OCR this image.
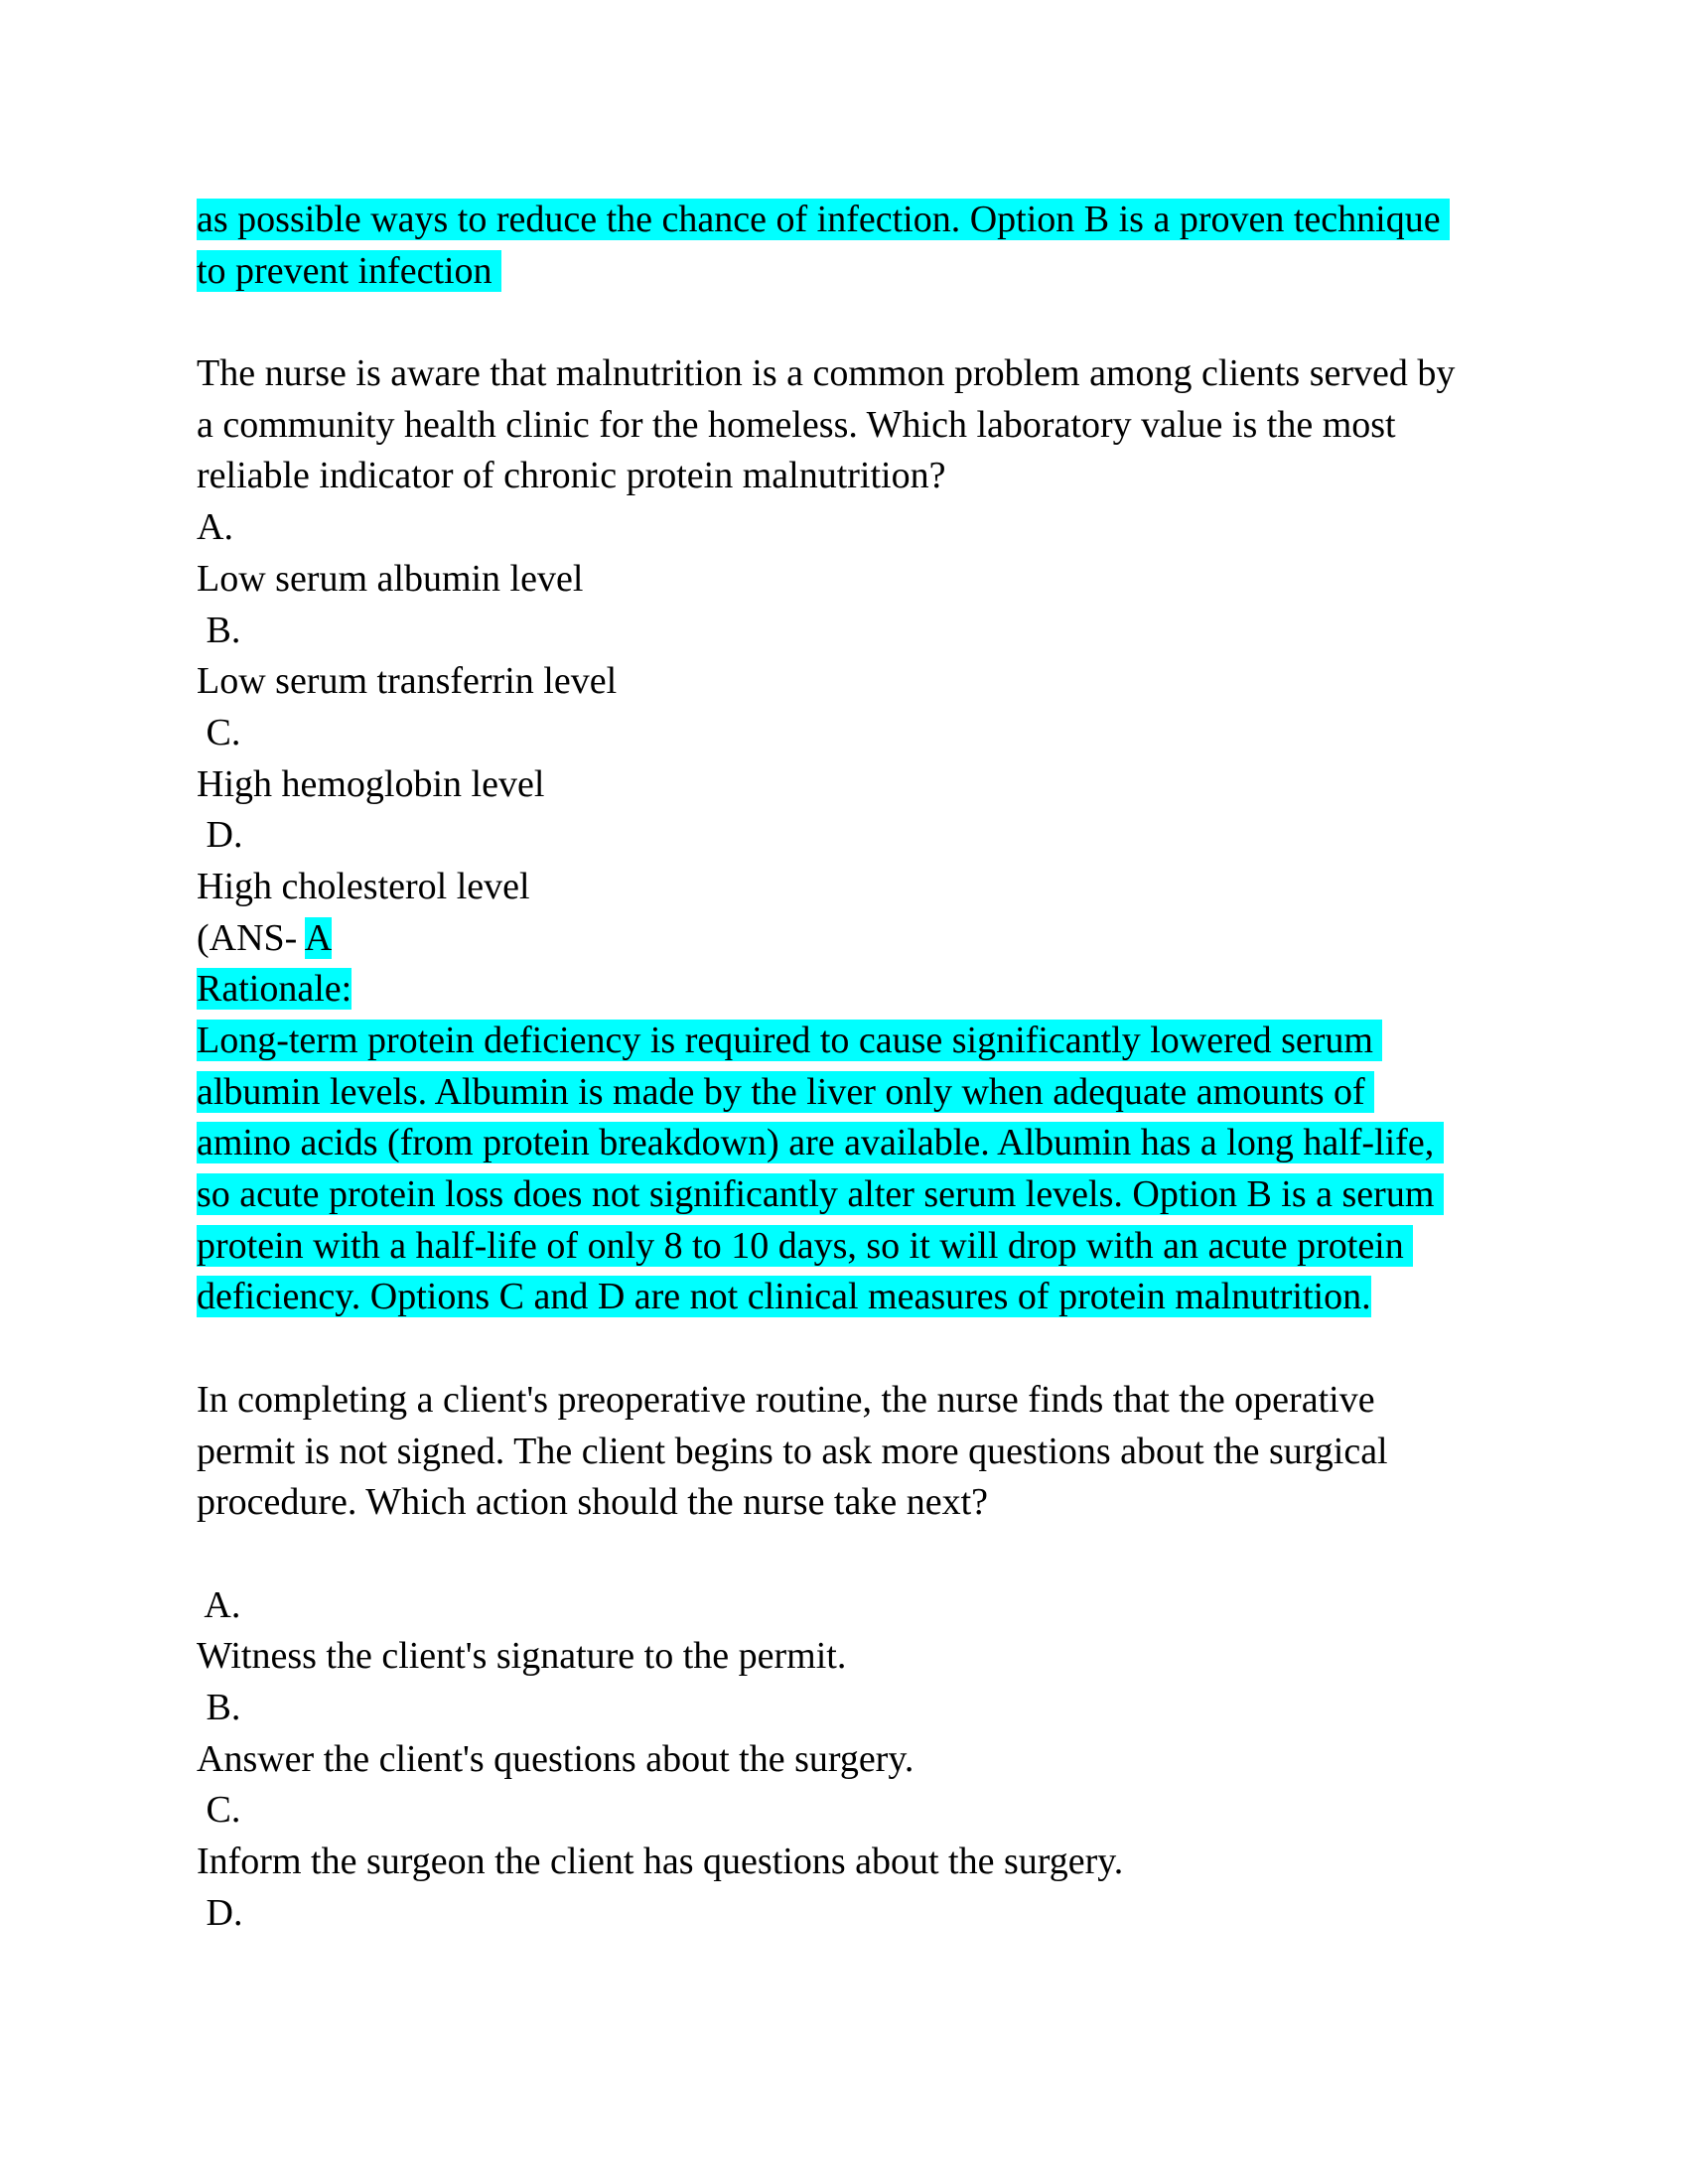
as possible ways to reduce the chance of infection. Option B is a proven technique
to prevent infection

The nurse is aware that malnutrition is a common problem among clients served by
a community health clinic for the homeless. Which laboratory value is the most
reliable indicator of chronic protein malnutrition?
A.
Low serum albumin level
B.
Low serum transferrin level
C.
High hemoglobin level
D.
High cholesterol level
(ANS- A
Rationale:
Long-term protein deficiency is required to cause significantly lowered serum
albumin levels. Albumin is made by the liver only when adequate amounts of
amino acids (from protein breakdown) are available. Albumin has a long half-life,
so acute protein loss does not significantly alter serum levels. Option B is a serum
protein with a half-life of only 8 to 10 days, so it will drop with an acute protein
deficiency. Options C and D are not clinical measures of protein malnutrition.

In completing a client's preoperative routine, the nurse finds that the operative
permit is not signed. The client begins to ask more questions about the surgical
procedure. Which action should the nurse take next?

A.
Witness the client's signature to the permit.
B.
Answer the client's questions about the surgery.
C.
Inform the surgeon the client has questions about the surgery.
D.
